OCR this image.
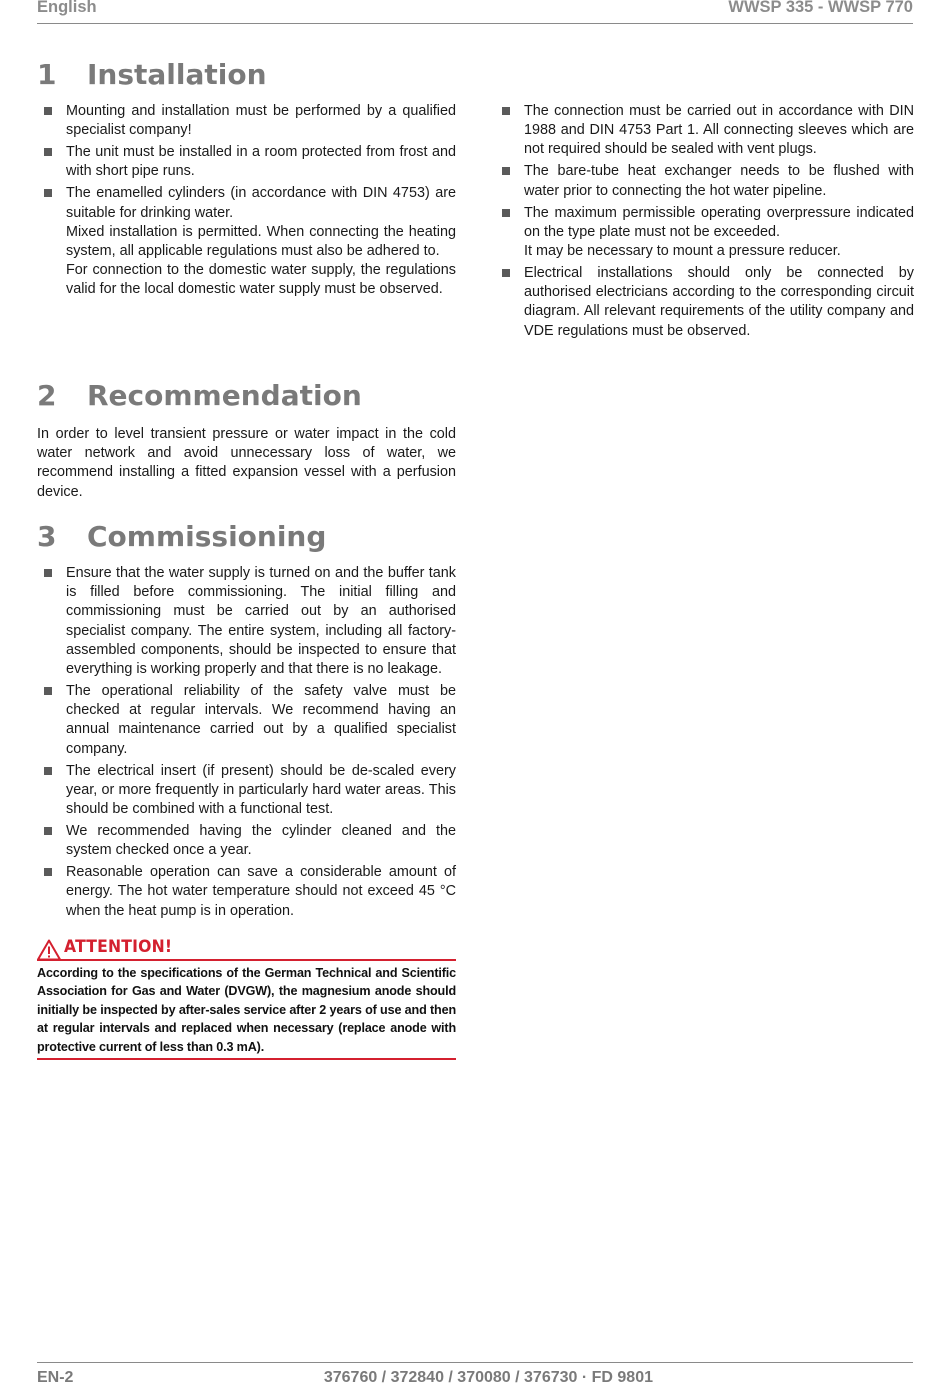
English	WWSP 335 - WWSP 770
1 Installation
Mounting and installation must be performed by a qualified specialist company!
The unit must be installed in a room protected from frost and with short pipe runs.
The enamelled cylinders (in accordance with DIN 4753) are suitable for drinking water.
Mixed installation is permitted. When connecting the heating system, all applicable regulations must also be adhered to.
For connection to the domestic water supply, the regulations valid for the local domestic water supply must be observed.
The connection must be carried out in accordance with DIN 1988 and DIN 4753 Part 1. All connecting sleeves which are not required should be sealed with vent plugs.
The bare-tube heat exchanger needs to be flushed with water prior to connecting the hot water pipeline.
The maximum permissible operating overpressure indicated on the type plate must not be exceeded.
It may be necessary to mount a pressure reducer.
Electrical installations should only be connected by authorised electricians according to the corresponding circuit diagram. All relevant requirements of the utility company and VDE regulations must be observed.
2 Recommendation
In order to level transient pressure or water impact in the cold water network and avoid unnecessary loss of water, we recommend installing a fitted expansion vessel with a perfusion device.
3 Commissioning
Ensure that the water supply is turned on and the buffer tank is filled before commissioning. The initial filling and commissioning must be carried out by an authorised specialist company. The entire system, including all factory-assembled components, should be inspected to ensure that everything is working properly and that there is no leakage.
The operational reliability of the safety valve must be checked at regular intervals. We recommend having an annual maintenance carried out by a qualified specialist company.
The electrical insert (if present) should be de-scaled every year, or more frequently in particularly hard water areas. This should be combined with a functional test.
We recommended having the cylinder cleaned and the system checked once a year.
Reasonable operation can save a considerable amount of energy. The hot water temperature should not exceed 45 °C when the heat pump is in operation.
ATTENTION!
According to the specifications of the German Technical and Scientific Association for Gas and Water (DVGW), the magnesium anode should initially be inspected by after-sales service after 2 years of use and then at regular intervals and replaced when necessary (replace anode with protective current of less than 0.3 mA).
EN-2	376760 / 372840 / 370080 / 376730 · FD 9801
